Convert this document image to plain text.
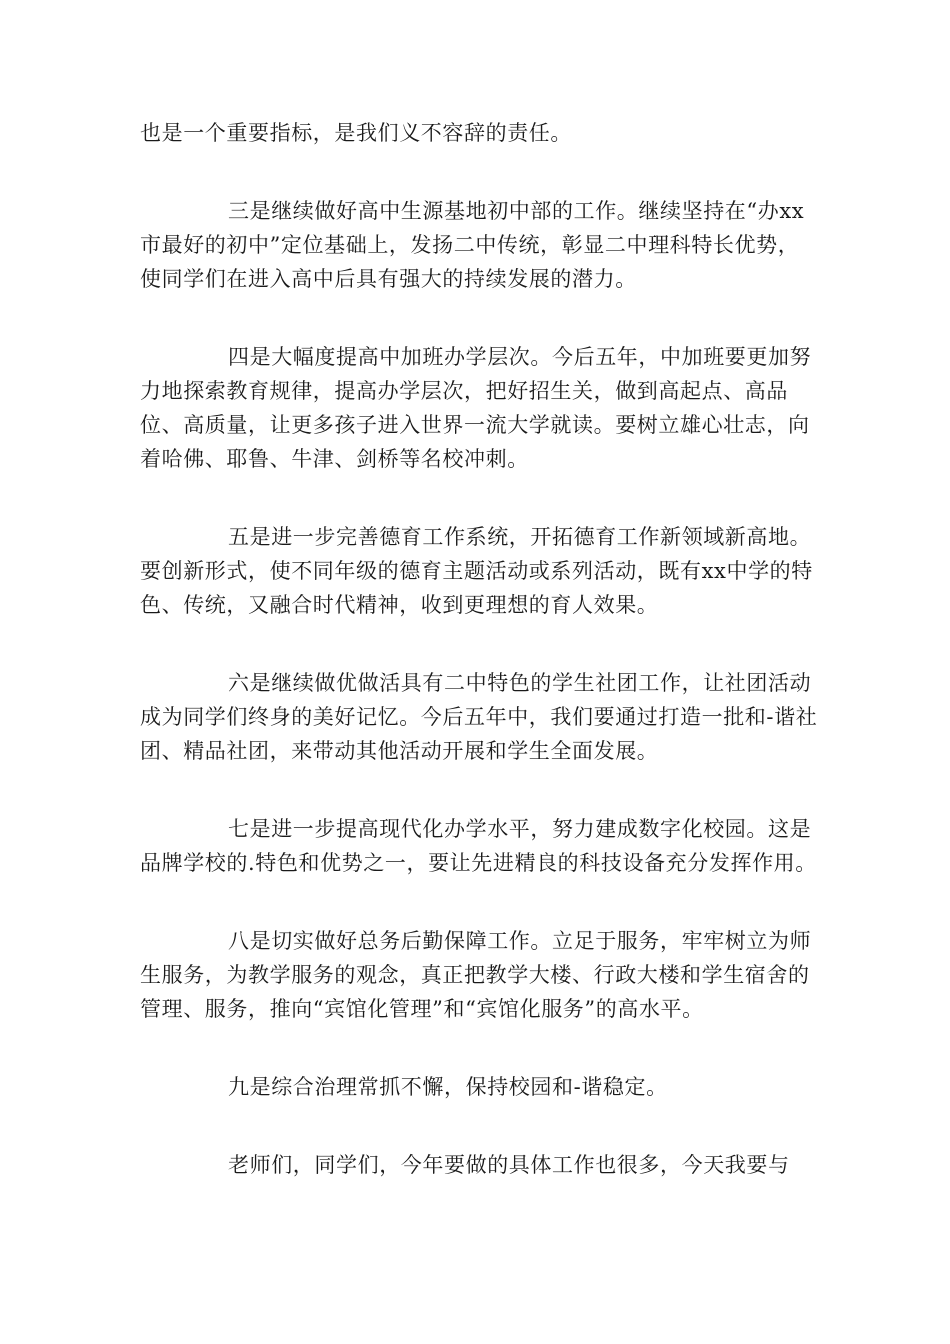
也是一个重要指标，是我们义不容辞的责任。

三是继续做好高中生源基地初中部的工作。继续坚持在“办xx市最好的初中”定位基础上，发扬二中传统，彰显二中理科特长优势，使同学们在进入高中后具有强大的持续发展的潜力。

四是大幅度提高中加班办学层次。今后五年，中加班要更加努力地探索教育规律，提高办学层次，把好招生关，做到高起点、高品位、高质量，让更多孩子进入世界一流大学就读。要树立雄心壮志，向着哈佛、耶鲁、牛津、剑桥等名校冲刺。

五是进一步完善德育工作系统，开拓德育工作新领域新高地。要创新形式，使不同年级的德育主题活动或系列活动，既有xx中学的特色、传统，又融合时代精神，收到更理想的育人效果。

六是继续做优做活具有二中特色的学生社团工作，让社团活动成为同学们终身的美好记忆。今后五年中，我们要通过打造一批和-谐社团、精品社团，来带动其他活动开展和学生全面发展。

七是进一步提高现代化办学水平，努力建成数字化校园。这是品牌学校的.特色和优势之一，要让先进精良的科技设备充分发挥作用。

八是切实做好总务后勤保障工作。立足于服务，牢牢树立为师生服务，为教学服务的观念，真正把教学大楼、行政大楼和学生宿舍的管理、服务，推向“宾馆化管理”和“宾馆化服务”的高水平。

九是综合治理常抓不懈，保持校园和-谐稳定。

老师们，同学们，今年要做的具体工作也很多，今天我要与
